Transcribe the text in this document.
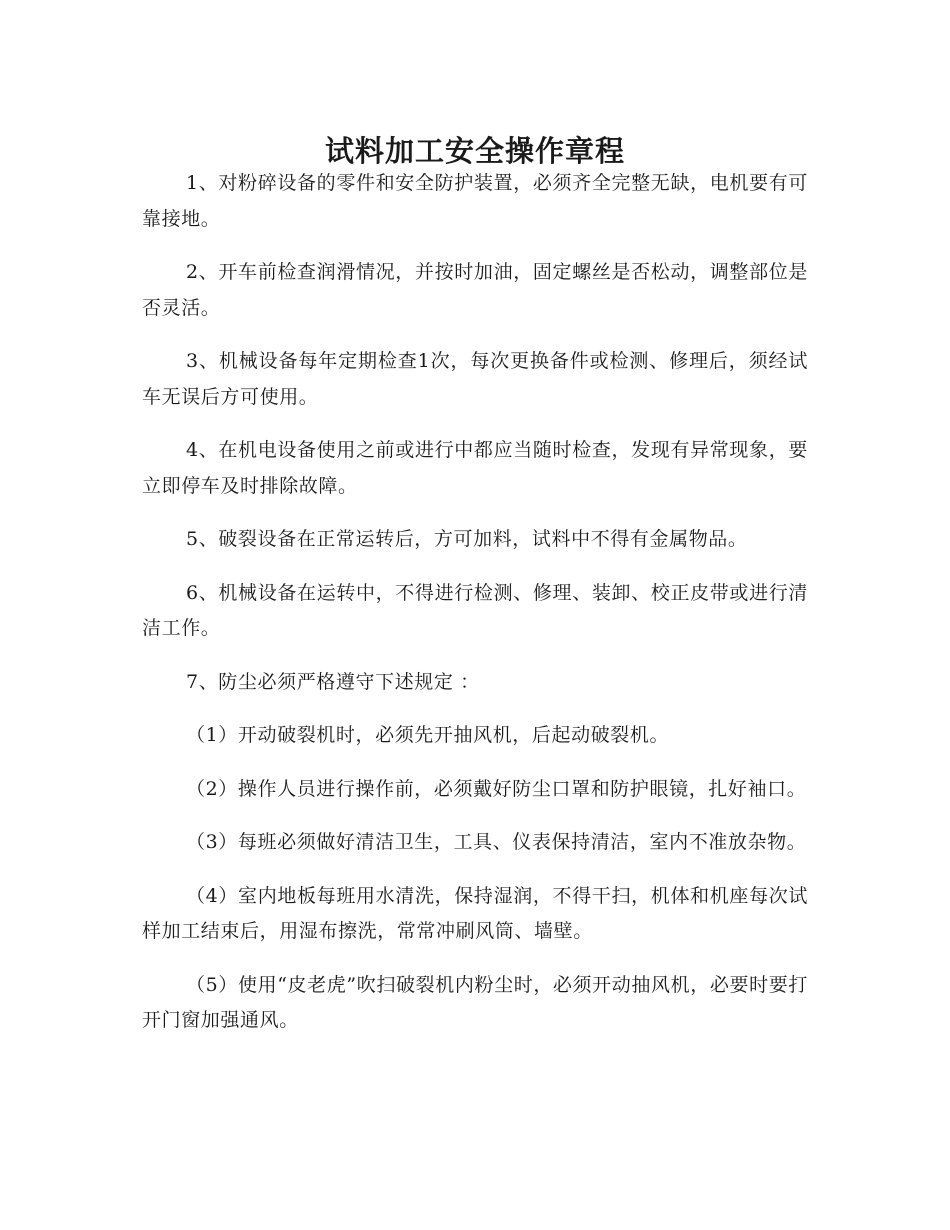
试料加工安全操作章程

1、对粉碎设备的零件和安全防护装置，必须齐全完整无缺，电机要有可靠接地。

2、开车前检查润滑情况，并按时加油，固定螺丝是否松动，调整部位是否灵活。

3、机械设备每年定期检查1次，每次更换备件或检测、修理后，须经试车无误后方可使用。

4、在机电设备使用之前或进行中都应当随时检查，发现有异常现象，要立即停车及时排除故障。

5、破裂设备在正常运转后，方可加料，试料中不得有金属物品。

6、机械设备在运转中，不得进行检测、修理、装卸、校正皮带或进行清洁工作。

7、防尘必须严格遵守下述规定 ：

（1）开动破裂机时，必须先开抽风机，后起动破裂机。

（2）操作人员进行操作前，必须戴好防尘口罩和防护眼镜，扎好袖口。

（3）每班必须做好清洁卫生，工具、仪表保持清洁，室内不准放杂物。

（4）室内地板每班用水清洗，保持湿润，不得干扫，机体和机座每次试样加工结束后，用湿布擦洗，常常冲刷风筒、墙壁。

（5）使用“皮老虎”吹扫破裂机内粉尘时，必须开动抽风机，必要时要打开门窗加强通风。
